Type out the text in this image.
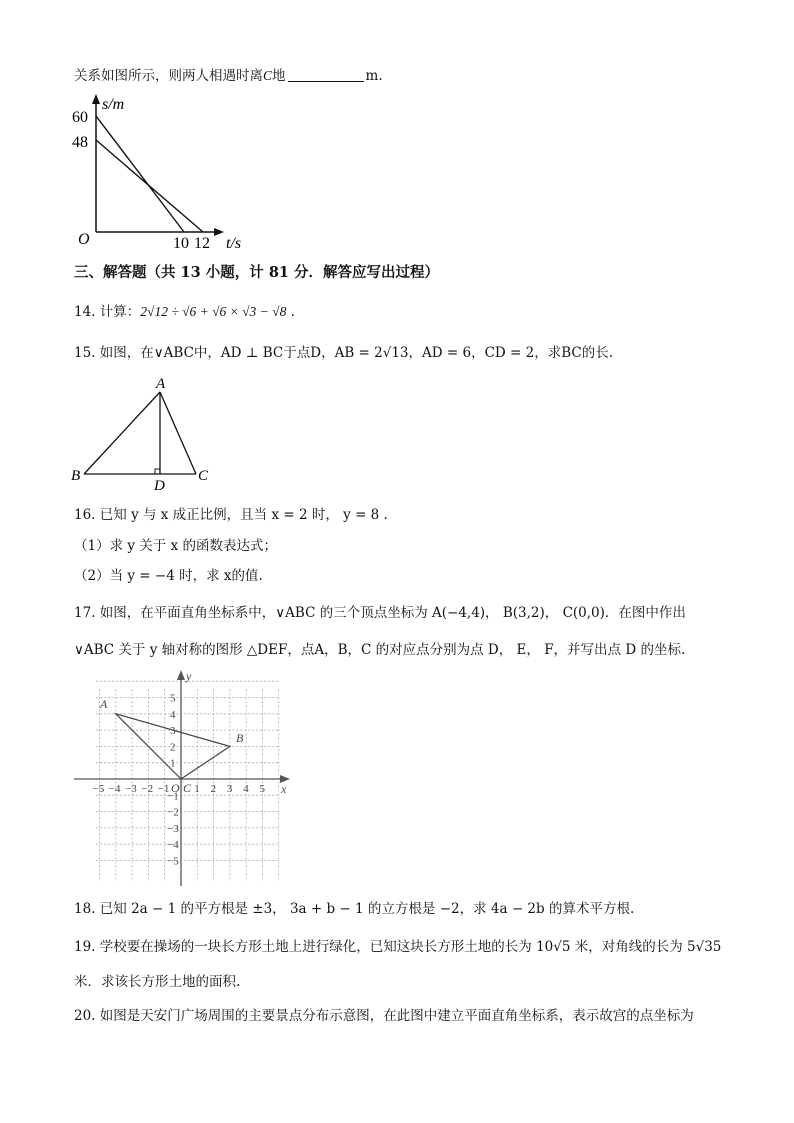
关系如图所示，则两人相遇时离C地	m.
s/m
60
48
O	10 12 t/s
三、解答题（共 13 小题，计 81 分．解答应写出过程）
14. 计算：2√12 ÷ √6 + √6 × √3 − √8 .
15. 如图，在∨ABC中，AD ⊥ BC于点D，AB = 2√13，AD = 6，CD = 2，求BC的长.
A
B	C
D
16. 已知 y 与 x 成正比例，且当 x = 2 时， y = 8 .
（1）求 y 关于 x 的函数表达式；
（2）当 y = −4 时，求 x的值.
17. 如图，在平面直角坐标系中，∨ABC 的三个顶点坐标为 A(−4,4)， B(3,2)， C(0,0)．在图中作出
∨ABC 关于 y 轴对称的图形 △DEF，点A，B，C 的对应点分别为点 D， E， F，并写出点 D 的坐标.
−5 −4 −3 −2 −1 1 2 3 4 5
5
4
3
2
1
−1
−2
−3
−4
−5
y
x
A
B
O C
18. 已知 2a − 1 的平方根是 ±3， 3a + b − 1 的立方根是 −2，求 4a − 2b 的算术平方根.
19. 学校要在操场的一块长方形土地上进行绿化，已知这块长方形土地的长为 10√5 米，对角线的长为 5√35
米．求该长方形土地的面积.
20. 如图是天安门广场周围的主要景点分布示意图，在此图中建立平面直角坐标系，表示故宫的点坐标为
